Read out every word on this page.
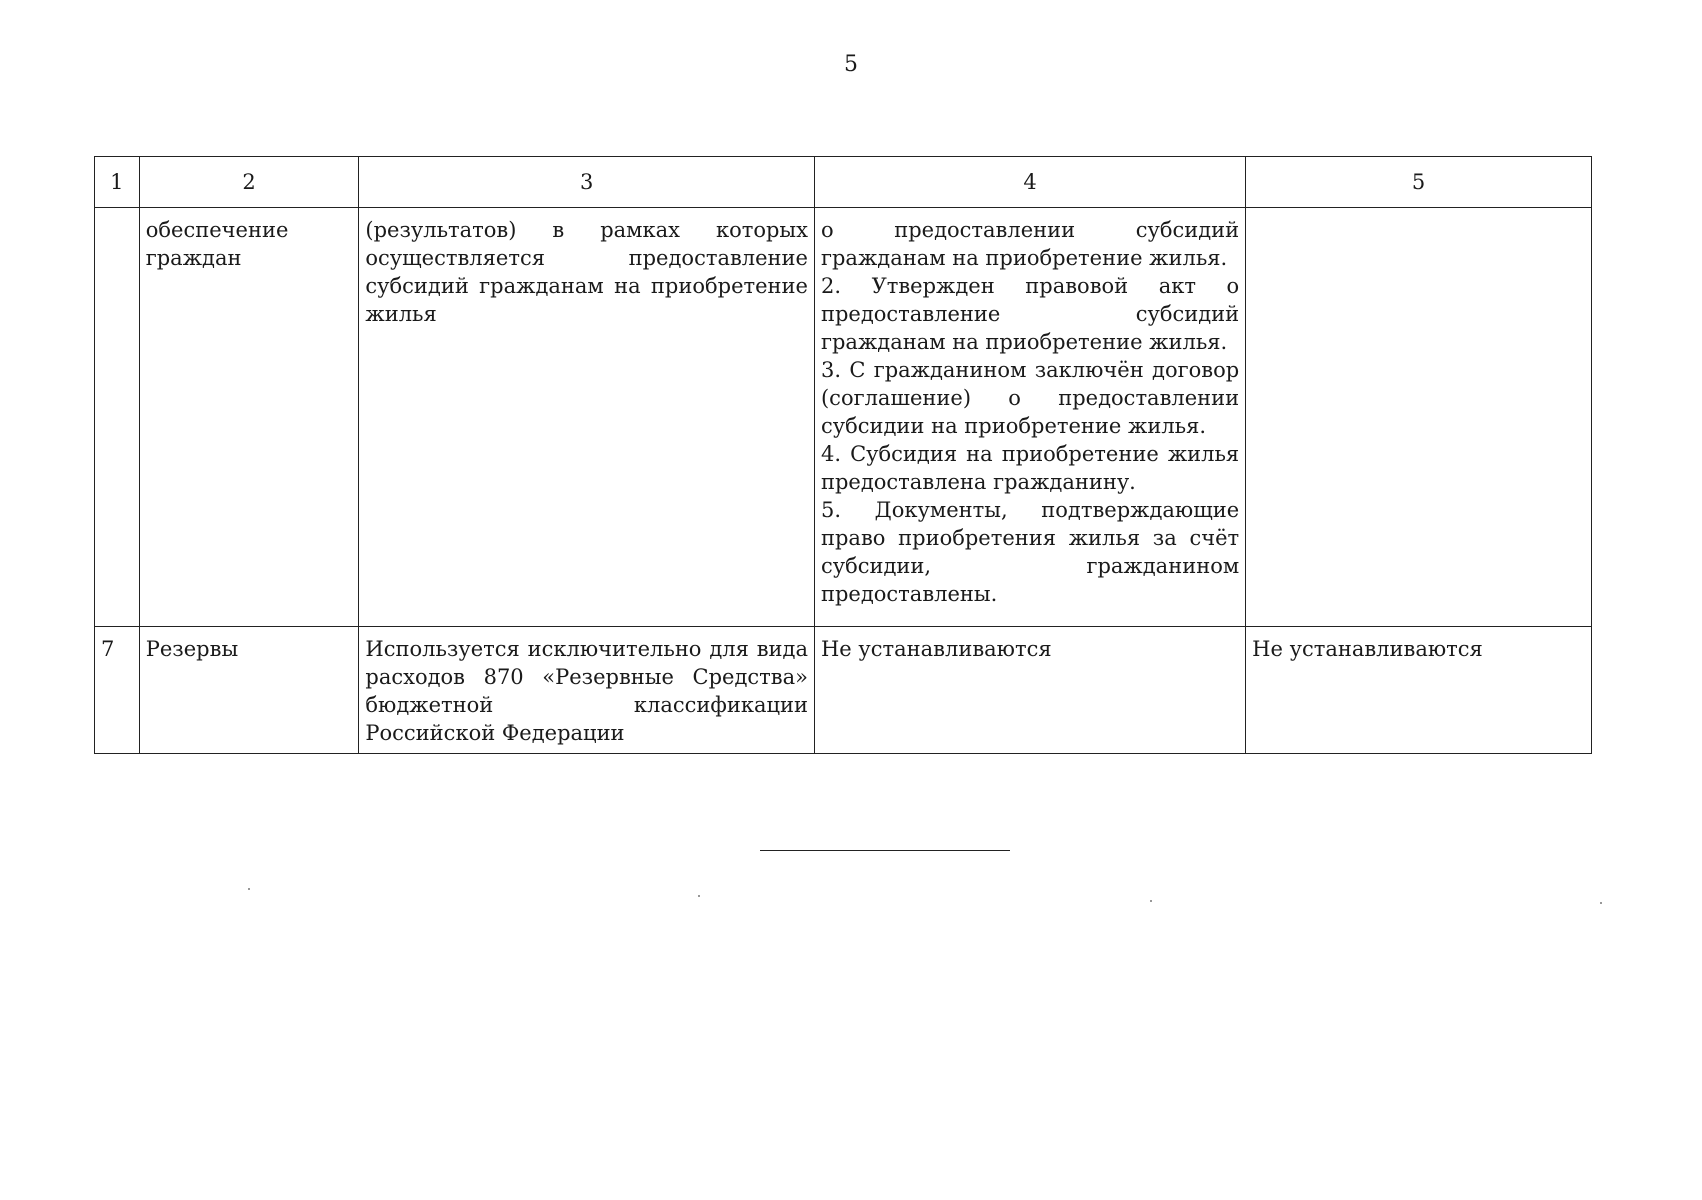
5
1	2	3	4	5
	обеспечение граждан	(результатов) в рамках которых осуществляется предоставление субсидий гражданам на приобретение жилья	о предоставлении субсидий гражданам на приобретение жилья.
2. Утвержден правовой акт о предоставление субсидий гражданам на приобретение жилья.
3. С гражданином заключён договор (соглашение) о предоставлении субсидии на приобретение жилья.
4. Субсидия на приобретение жилья предоставлена гражданину.
5. Документы, подтверждающие право приобретения жилья за счёт субсидии, гражданином предоставлены.	

7	Резервы	Используется исключительно для вида расходов 870 «Резервные Средства» бюджетной классификации Российской Федерации	Не устанавливаются	Не устанавливаются
